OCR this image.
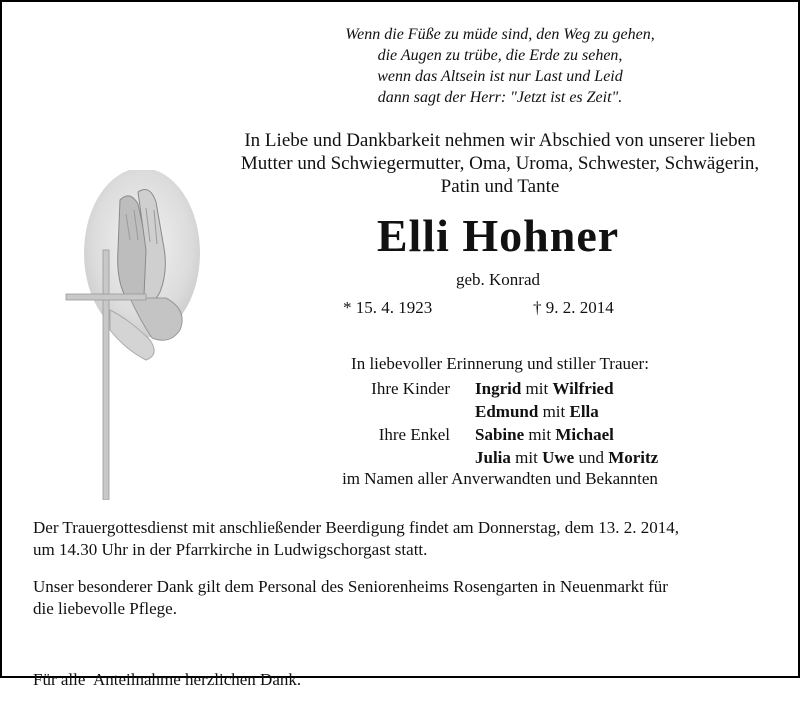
Wenn die Füße zu müde sind, den Weg zu gehen,
die Augen zu trübe, die Erde zu sehen,
wenn das Altsein ist nur Last und Leid
dann sagt der Herr: "Jetzt ist es Zeit".
In Liebe und Dankbarkeit nehmen wir Abschied von unserer lieben
Mutter und Schwiegermutter, Oma, Uroma, Schwester, Schwägerin,
Patin und Tante
Elli Hohner
geb. Konrad
* 15. 4. 1923	† 9. 2. 2014
In liebevoller Erinnerung und stiller Trauer:
Ihre Kinder Ingrid mit Wilfried
Edmund mit Ella
Ihre Enkel Sabine mit Michael
Julia mit Uwe und Moritz
im Namen aller Anverwandten und Bekannten
Der Trauergottesdienst mit anschließender Beerdigung findet am Donnerstag, dem 13. 2. 2014,
um 14.30 Uhr in der Pfarrkirche in Ludwigschorgast statt.
Unser besonderer Dank gilt dem Personal des Seniorenheims Rosengarten in Neuenmarkt für
die liebevolle Pflege.

Für alle  Anteilnahme herzlichen Dank.
